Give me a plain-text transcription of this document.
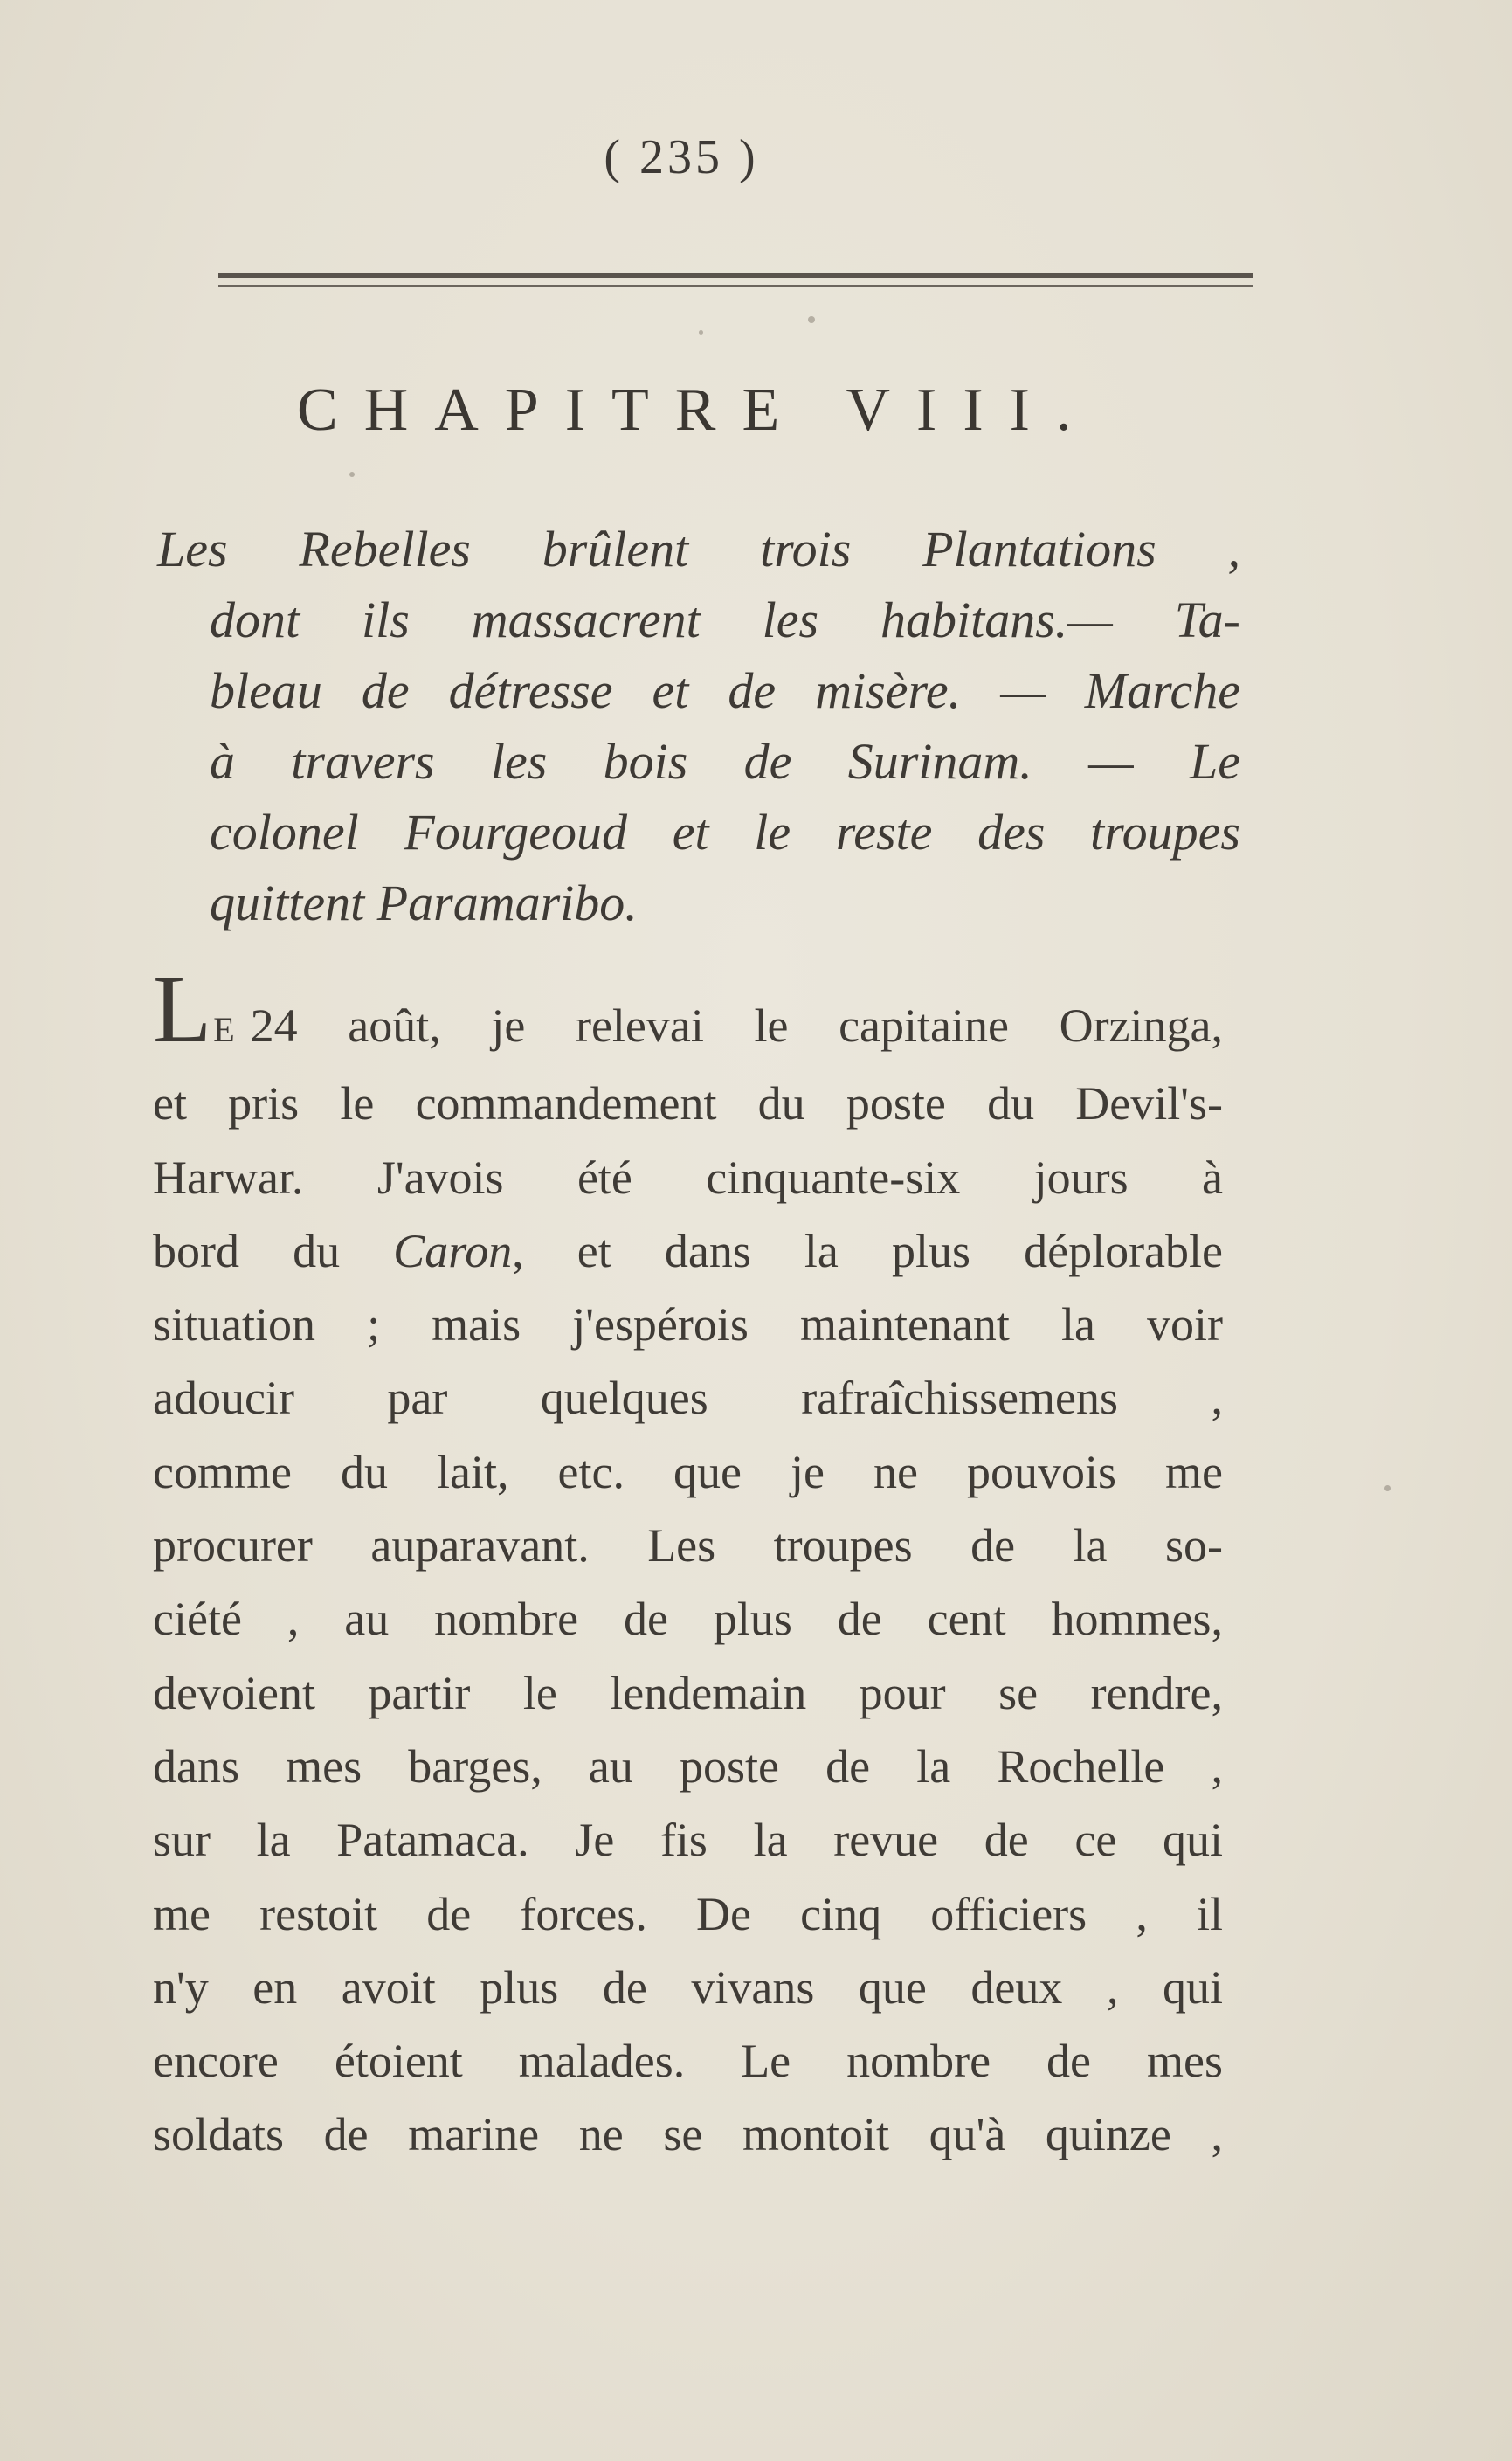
( 235 )
CHAPITRE VIII.
Les Rebelles brûlent trois Plantations ,
dont ils massacrent les habitans.— Ta-
bleau de détresse et de misère. — Marche
à travers les bois de Surinam. — Le
colonel Fourgeoud et le reste des troupes
quittent Paramaribo.
LE 24 août, je relevai le capitaine Orzinga,
et pris le commandement du poste du Devil's-
Harwar. J'avois été cinquante-six jours à
bord du Caron, et dans la plus déplorable
situation ; mais j'espérois maintenant la voir
adoucir par quelques rafraîchissemens ,
comme du lait, etc. que je ne pouvois me
procurer auparavant. Les troupes de la so-
ciété , au nombre de plus de cent hommes,
devoient partir le lendemain pour se rendre,
dans mes barges, au poste de la Rochelle ,
sur la Patamaca. Je fis la revue de ce qui
me restoit de forces. De cinq officiers , il
n'y en avoit plus de vivans que deux , qui
encore étoient malades. Le nombre de mes
soldats de marine ne se montoit qu'à quinze ,
